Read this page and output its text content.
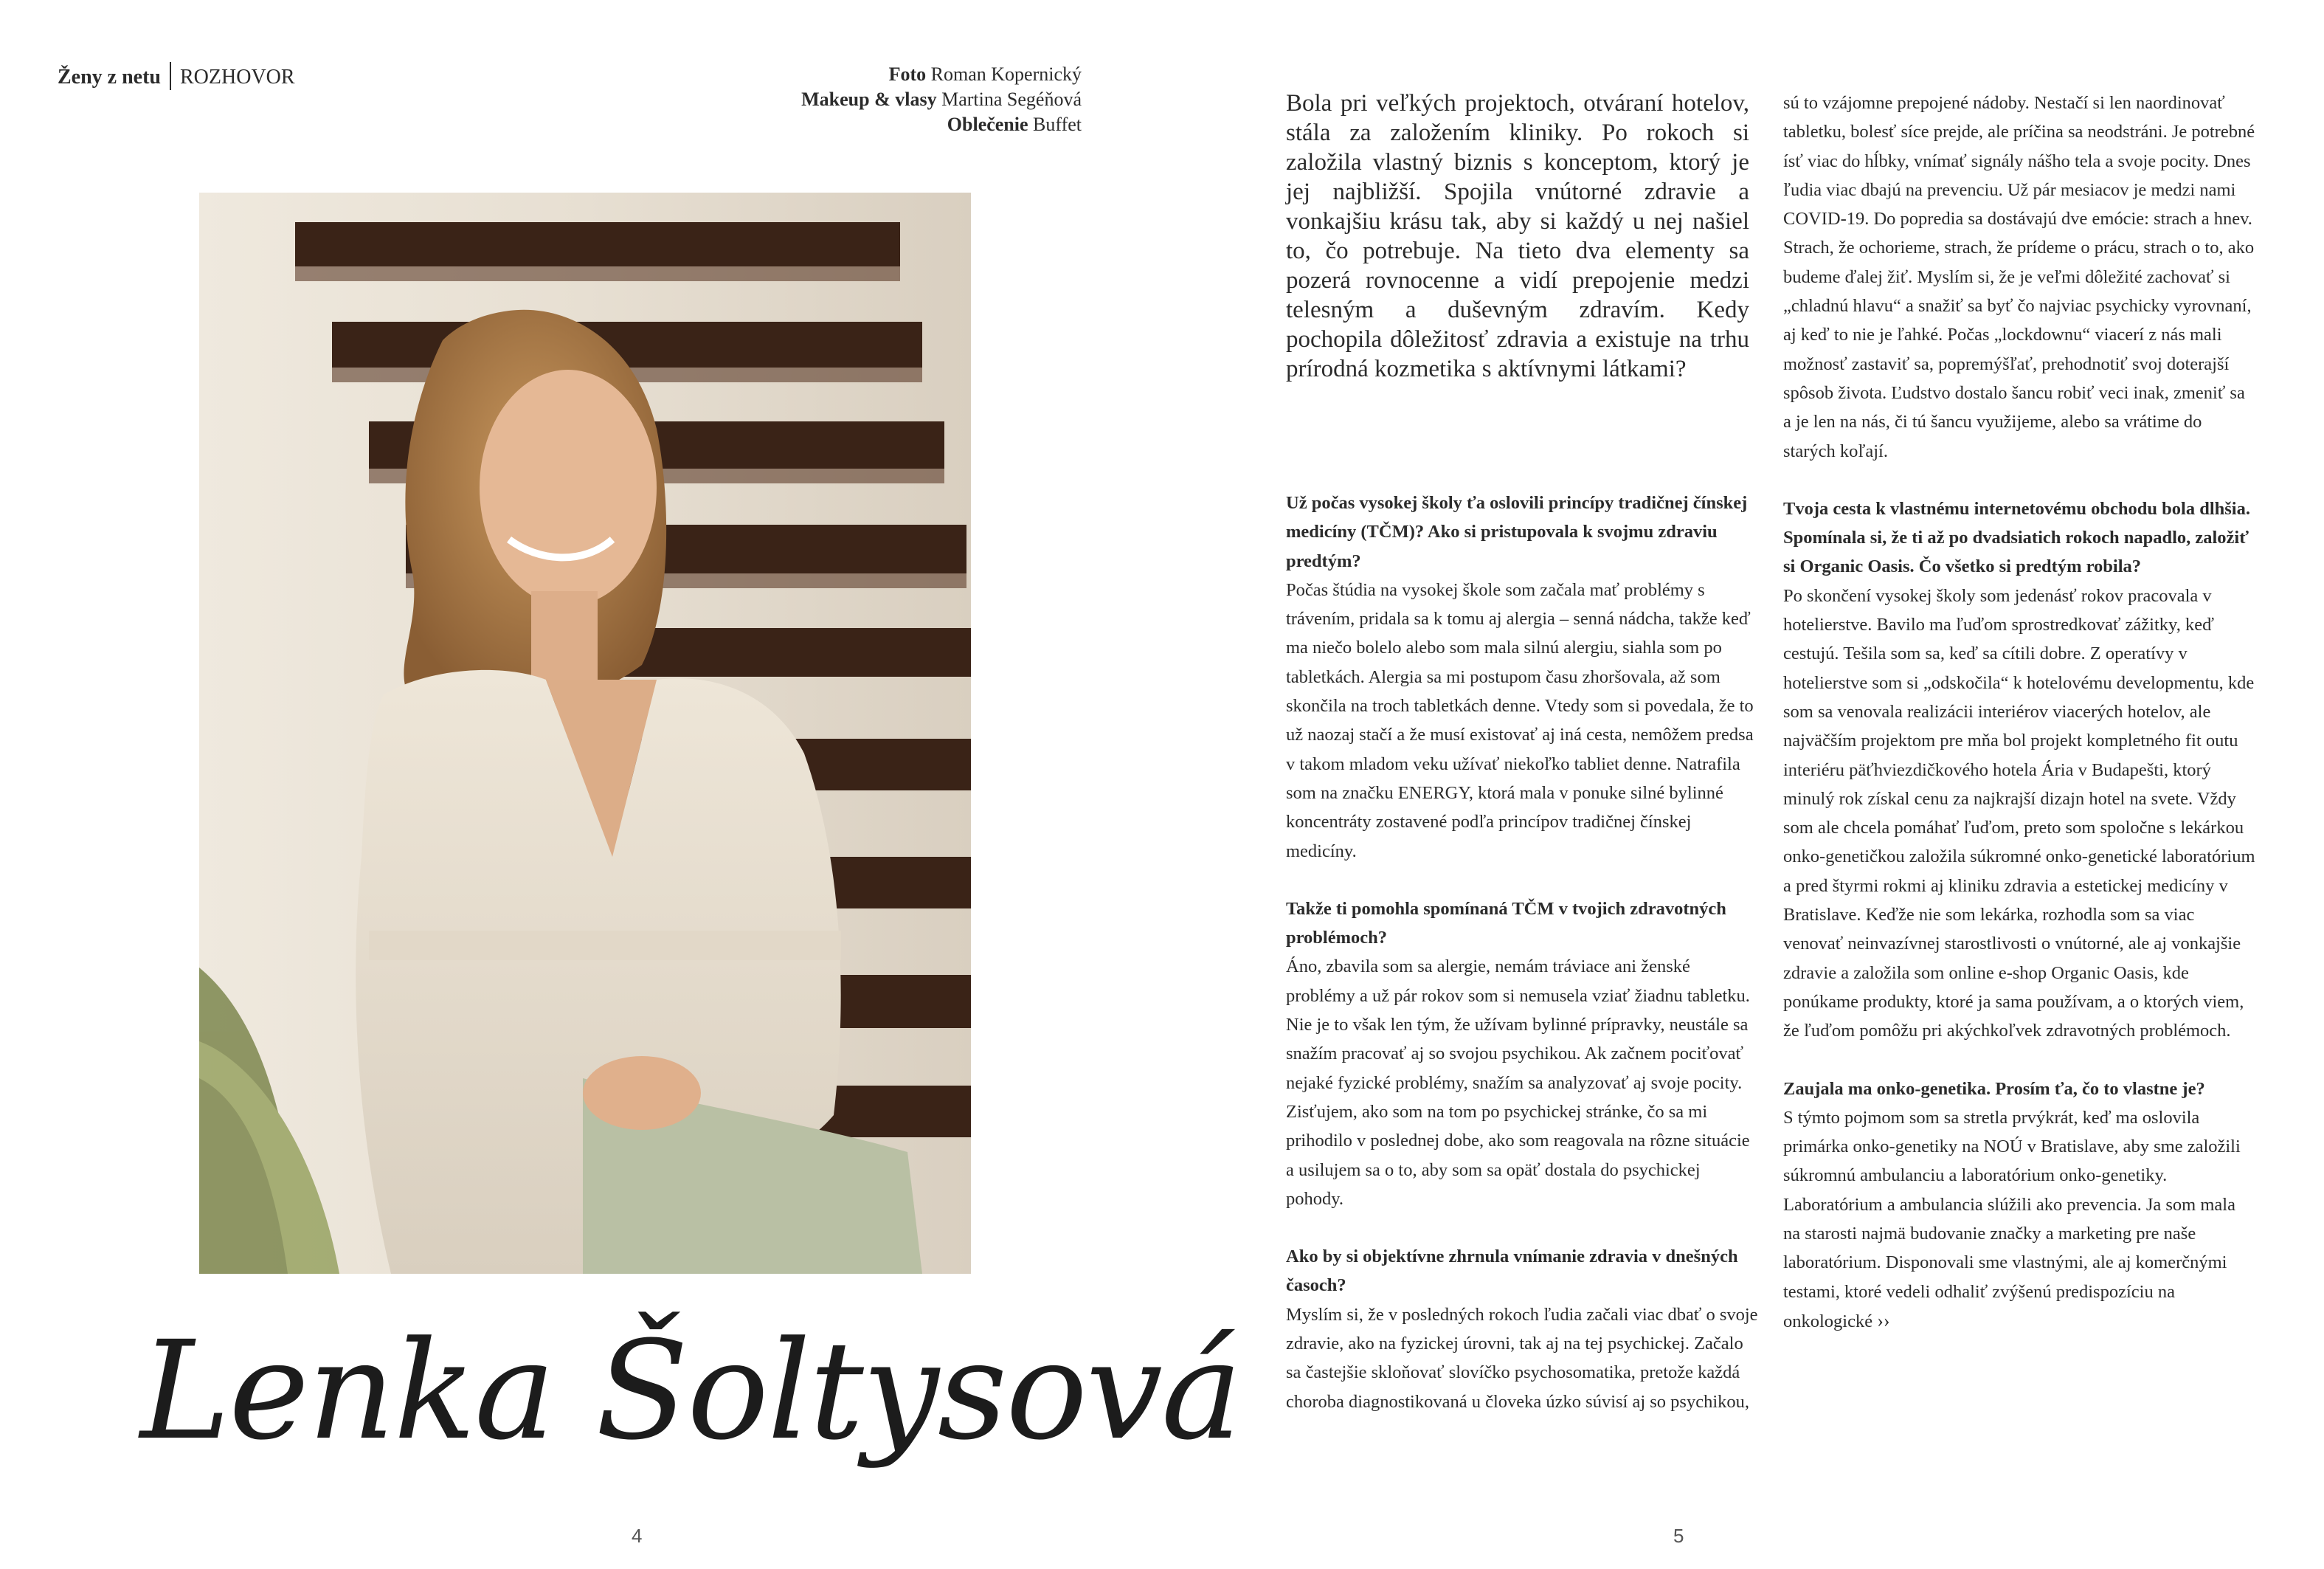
Ženy z netu ROZHOVOR	Foto Roman Kopernický
Makeup & vlasy Martina Segéňová
Oblečenie Buffet
Lenka Šoltysová
4
Bola pri veľkých projektoch, otváraní hotelov, stála za založením kliniky. Po rokoch si založila vlastný biznis s konceptom, ktorý je jej najbližší. Spojila vnútorné zdravie a vonkajšiu krásu tak, aby si každý u nej našiel to, čo potrebuje. Na tieto dva elementy sa pozerá rovnocenne a vidí prepojenie medzi telesným a duševným zdravím. Kedy pochopila dôležitosť zdravia a existuje na trhu prírodná kozmetika s aktívnymi látkami?
Už počas vysokej školy ťa oslovili princípy tradičnej čínskej medicíny (TČM)? Ako si pristupovala k svojmu zdraviu predtým?
Počas štúdia na vysokej škole som začala mať problémy s trávením, pridala sa k tomu aj alergia – senná nádcha, takže keď ma niečo bolelo alebo som mala silnú alergiu, siahla som po tabletkách. Alergia sa mi postupom času zhoršovala, až som skončila na troch tabletkách denne. Vtedy som si povedala, že to už naozaj stačí a že musí existovať aj iná cesta, nemôžem predsa v takom mladom veku užívať niekoľko tabliet denne. Natrafila som na značku ENERGY, ktorá mala v ponuke silné bylinné koncentráty zostavené podľa princípov tradičnej čínskej medicíny.
Takže ti pomohla spomínaná TČM v tvojich zdravotných problémoch?
Áno, zbavila som sa alergie, nemám tráviace ani ženské problémy a už pár rokov som si nemusela vziať žiadnu tabletku. Nie je to však len tým, že užívam bylinné prípravky, neustále sa snažím pracovať aj so svojou psychikou. Ak začnem pociťovať nejaké fyzické problémy, snažím sa analyzovať aj svoje pocity. Zisťujem, ako som na tom po psychickej stránke, čo sa mi prihodilo v poslednej dobe, ako som reagovala na rôzne situácie a usilujem sa o to, aby som sa opäť dostala do psychickej pohody.
Ako by si objektívne zhrnula vnímanie zdravia v dnešných časoch?
Myslím si, že v posledných rokoch ľudia začali viac dbať o svoje zdravie, ako na fyzickej úrovni, tak aj na tej psychickej. Začalo sa častejšie skloňovať slovíčko psychosomatika, pretože každá choroba diagnostikovaná u človeka úzko súvisí aj so psychikou,
sú to vzájomne prepojené nádoby. Nestačí si len naordinovať tabletku, bolesť síce prejde, ale príčina sa neodstráni. Je potrebné ísť viac do hĺbky, vnímať signály nášho tela a svoje pocity. Dnes ľudia viac dbajú na prevenciu. Už pár mesiacov je medzi nami COVID-19. Do popredia sa dostávajú dve emócie: strach a hnev. Strach, že ochorieme, strach, že prídeme o prácu, strach o to, ako budeme ďalej žiť. Myslím si, že je veľmi dôležité zachovať si „chladnú hlavu“ a snažiť sa byť čo najviac psychicky vyrovnaní, aj keď to nie je ľahké. Počas „lockdownu“ viacerí z nás mali možnosť zastaviť sa, popremýšľať, prehodnotiť svoj doterajší spôsob života. Ľudstvo dostalo šancu robiť veci inak, zmeniť sa a je len na nás, či tú šancu využijeme, alebo sa vrátime do starých koľají.
Tvoja cesta k vlastnému internetovému obchodu bola dlhšia. Spomínala si, že ti až po dvadsiatich rokoch napadlo, založiť si Organic Oasis. Čo všetko si predtým robila?
Po skončení vysokej školy som jedenásť rokov pracovala v hotelierstve. Bavilo ma ľuďom sprostredkovať zážitky, keď cestujú. Tešila som sa, keď sa cítili dobre. Z operatívy v hotelierstve som si „odskočila“ k hotelovému developmentu, kde som sa venovala realizácii interiérov viacerých hotelov, ale najväčším projektom pre mňa bol projekt kompletného fit outu interiéru päťhviezdičkového hotela Ária v Budapešti, ktorý minulý rok získal cenu za najkrajší dizajn hotel na svete. Vždy som ale chcela pomáhať ľuďom, preto som spoločne s lekárkou onko-genetičkou založila súkromné onko-genetické laboratórium a pred štyrmi rokmi aj kliniku zdravia a estetickej medicíny v Bratislave. Keďže nie som lekárka, rozhodla som sa viac venovať neinvazívnej starostlivosti o vnútorné, ale aj vonkajšie zdravie a založila som online e-shop Organic Oasis, kde ponúkame produkty, ktoré ja sama používam, a o ktorých viem, že ľuďom pomôžu pri akýchkoľvek zdravotných problémoch.
Zaujala ma onko-genetika. Prosím ťa, čo to vlastne je?
S týmto pojmom som sa stretla prvýkrát, keď ma oslovila primárka onko-genetiky na NOÚ v Bratislave, aby sme založili súkromnú ambulanciu a laboratórium onko-genetiky. Laboratórium a ambulancia slúžili ako prevencia. Ja som mala na starosti najmä budovanie značky a marketing pre naše laboratórium. Disponovali sme vlastnými, ale aj komerčnými testami, ktoré vedeli odhaliť zvýšenú predispozíciu na onkologické ››
5
